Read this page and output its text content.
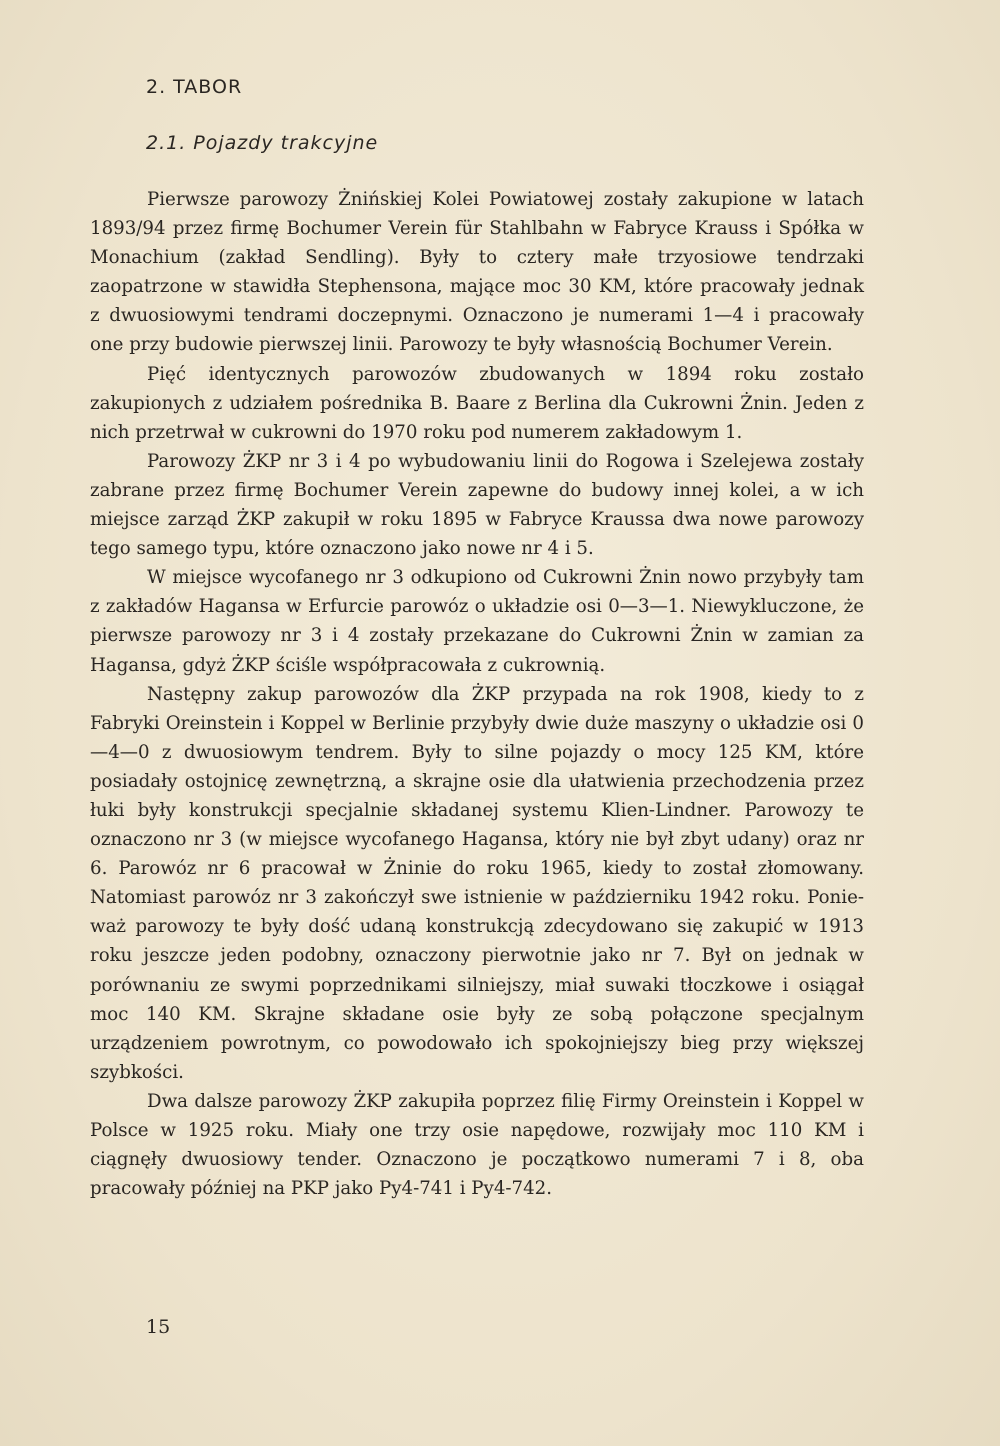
2. TABOR
2.1. Pojazdy trakcyjne

Pierwsze parowozy Żnińskiej Kolei Powiatowej zostały zakupione w latach 1893/94 przez firmę Bochumer Verein für Stahlbahn w Fabryce Krauss i Spółka w Monachium (zakład Sendling). Były to cztery małe trzyosiowe tendrzaki zaopatrzone w stawidła Stephensona, mające moc 30 KM, które pracowały jednak z dwuosiowymi tendrami doczepnymi. Oznaczono je numerami 1—4 i pracowały one przy budowie pierwszej linii. Parowozy te były własnością Bochumer Verein.

Pięć identycznych parowozów zbudowanych w 1894 roku zostało zakupionych z udziałem pośrednika B. Baare z Berlina dla Cukrowni Żnin. Jeden z nich przetrwał w cukrowni do 1970 roku pod numerem zakładowym 1.

Parowozy ŻKP nr 3 i 4 po wybudowaniu linii do Rogowa i Szelejewa zostały zabrane przez firmę Bochumer Verein zapewne do budowy innej kolei, a w ich miejsce zarząd ŻKP zakupił w roku 1895 w Fabryce Kraussa dwa nowe parowozy tego samego typu, które oznaczono jako nowe nr 4 i 5.

W miejsce wycofanego nr 3 odkupiono od Cukrowni Żnin nowo przybyły tam z zakładów Hagansa w Erfurcie parowóz o układzie osi 0—3—1. Niewykluczone, że pierwsze parowozy nr 3 i 4 zostały przekazane do Cukrowni Żnin w zamian za Hagansa, gdyż ŻKP ściśle współpracowała z cukrownią.

Następny zakup parowozów dla ŻKP przypada na rok 1908, kiedy to z Fabryki Oreinstein i Koppel w Berlinie przybyły dwie duże maszyny o układzie osi 0—4—0 z dwuosiowym tendrem. Były to silne pojazdy o mocy 125 KM, które posiadały ostojnicę zewnętrzną, a skrajne osie dla ułatwienia przechodzenia przez łuki były konstrukcji specjalnie składanej systemu Klien-Lindner. Parowozy te oznaczono nr 3 (w miejsce wycofanego Hagansa, który nie był zbyt udany) oraz nr 6. Parowóz nr 6 pracował w Żninie do roku 1965, kiedy to został złomowany. Natomiast parowóz nr 3 zakończył swe istnienie w październiku 1942 roku. Ponieważ parowozy te były dość udaną konstrukcją zdecydowano się zakupić w 1913 roku jeszcze jeden podobny, oznaczony pierwotnie jako nr 7. Był on jednak w porównaniu ze swymi poprzednikami silniejszy, miał suwaki tłoczkowe i osiągał moc 140 KM. Skrajne składane osie były ze sobą połączone specjalnym urządzeniem powrotnym, co powodowało ich spokojniejszy bieg przy większej szybkości.

Dwa dalsze parowozy ŻKP zakupiła poprzez filię Firmy Oreinstein i Koppel w Polsce w 1925 roku. Miały one trzy osie napędowe, rozwijały moc 110 KM i ciągnęły dwuosiowy tender. Oznaczono je początkowo numerami 7 i 8, oba pracowały później na PKP jako Py4-741 i Py4-742.

15
